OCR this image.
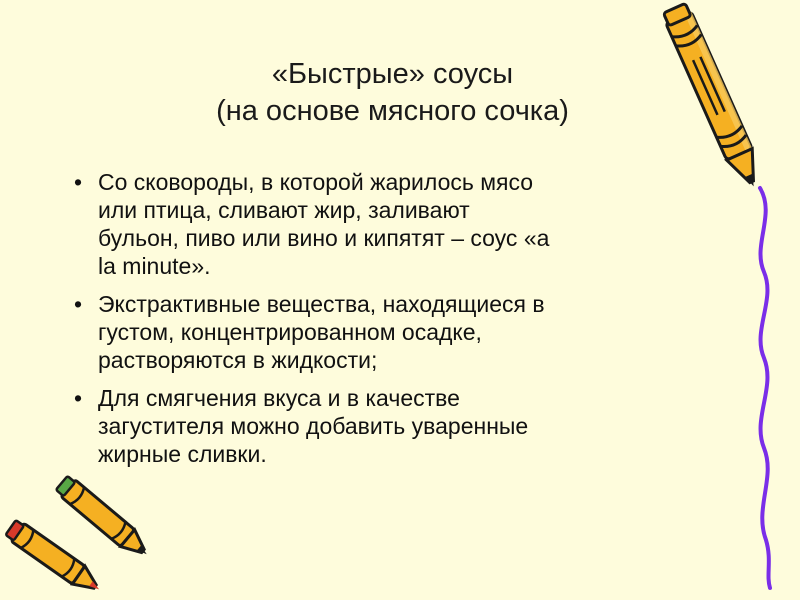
«Быстрые» соусы
(на основе мясного сочка)
• Со сковороды, в которой жарилось мясо
или птица, сливают жир, заливают
бульон, пиво или вино и кипятят – соус «а
la minute».
• Экстрактивные вещества, находящиеся в
густом, концентрированном осадке,
растворяются в жидкости;
• Для смягчения вкуса и в качестве
загустителя можно добавить уваренные
жирные сливки.
